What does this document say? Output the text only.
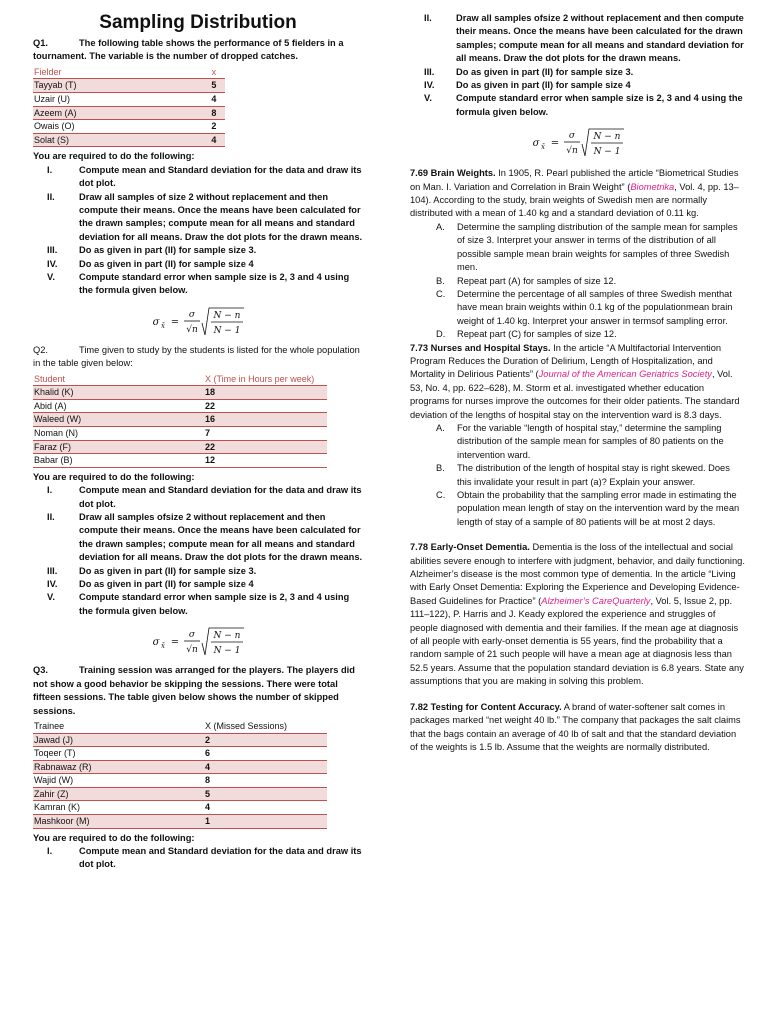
Sampling Distribution

Q1.	The following table shows the performance of 5 fielders in a tournament. The variable is the number of dropped catches.

Fielder	x
Tayyab (T)	5
Uzair (U)	4
Azeem (A)	8
Owais (O)	2
Solat (S)	4

You are required to do the following:

I.	Compute mean and Standard deviation for the data and draw its dot plot.
II.	Draw all samples of size 2 without replacement and then compute their means. Once the means have been calculated for the drawn samples; compute mean for all means and standard deviation for all means. Draw the dot plots for the drawn means.
III. Do as given in part (II) for sample size 3.
IV. Do as given in part (II) for sample size 4
V.	Compute standard error when sample size is 2, 3 and 4 using the formula given below.
σ x̄ =
σ
√n
N − n
N − 1

Q2.	Time given to study by the students is listed for the whole population in the table given below:

Student	X (Time in Hours per week)
Khalid (K)	18
Abid (A)	22
Waleed (W)	16
Noman (N)	7
Faraz (F)	22
Babar (B)	12

You are required to do the following:

I.	Compute mean and Standard deviation for the data and draw its dot plot.
II.	Draw all samples ofsize 2 without replacement and then compute their means. Once the means have been calculated for the drawn samples; compute mean for all means and standard deviation for all means. Draw the dot plots for the drawn means.
III. Do as given in part (II) for sample size 3.
IV. Do as given in part (II) for sample size 4
V.	Compute standard error when sample size is 2, 3 and 4 using the formula given below.
σ x̄ =
σ
√n
N − n
N − 1

Q3.	Training session was arranged for the players. The players did not show a good behavior be skipping the sessions. There were total fifteen sessions. The table given below shows the number of skipped sessions.

Trainee	X (Missed Sessions)
Jawad (J)	2
Toqeer (T)	6
Rabnawaz (R)	4
Wajid (W)	8
Zahir (Z)	5
Kamran (K)	4
Mashkoor (M)	1

You are required to do the following:

I.	Compute mean and Standard deviation for the data and draw its dot plot.
II.	Draw all samples ofsize 2 without replacement and then compute their means. Once the means have been calculated for the drawn samples; compute mean for all means and standard deviation for all means. Draw the dot plots for the drawn means.
III. Do as given in part (II) for sample size 3.
IV. Do as given in part (II) for sample size 4
V.	Compute standard error when sample size is 2, 3 and 4 using the formula given below.
σ x̄ =
σ
√n
N − n
N − 1

7.69 Brain Weights. In 1905, R. Pearl published the article “Biometrical Studies on Man. I. Variation and Correlation in Brain Weight” (Biometrika, Vol. 4, pp. 13–104). According to the study, brain weights of Swedish men are normally distributed with a mean of 1.40 kg and a standard deviation of 0.11 kg.

A. Determine the sampling distribution of the sample mean for samples of size 3. Interpret your answer in terms of the distribution of all possible sample mean brain weights for samples of three Swedish men.
B. Repeat part (A) for samples of size 12.
C. Determine the percentage of all samples of three Swedish menthat have mean brain weights within 0.1 kg of the populationmean brain weight of 1.40 kg. Interpret your answer in termsof sampling error.
D. Repeat part (C) for samples of size 12.

7.73 Nurses and Hospital Stays. In the article “A Multifactorial Intervention Program Reduces the Duration of Delirium, Length of Hospitalization, and Mortality in Delirious Patients” (Journal of the American Geriatrics Society, Vol. 53, No. 4, pp. 622–628), M. Storm et al. investigated whether education programs for nurses improve the outcomes for their older patients. The standard deviation of the lengths of hospital stay on the intervention ward is 8.3 days.

A. For the variable “length of hospital stay,” determine the sampling distribution of the sample mean for samples of 80 patients on the intervention ward.
B. The distribution of the length of hospital stay is right skewed. Does this invalidate your result in part (a)? Explain your answer.
C. Obtain the probability that the sampling error made in estimating the population mean length of stay on the intervention ward by the mean length of stay of a sample of 80 patients will be at most 2 days.

7.78 Early-Onset Dementia. Dementia is the loss of the intellectual and social abilities severe enough to interfere with judgment, behavior, and daily functioning. Alzheimer’s disease is the most common type of dementia. In the article “Living with Early Onset Dementia: Exploring the Experience and Developing Evidence-Based Guidelines for Practice” (Alzheimer’s CareQuarterly, Vol. 5, Issue 2, pp. 111–122), P. Harris and J. Keady explored the experience and struggles of people diagnosed with dementia and their families. If the mean age at diagnosis of all people with early-onset dementia is 55 years, find the probability that a random sample of 21 such people will have a mean age at diagnosis less than 52.5 years. Assume that the population standard deviation is 6.8 years. State any assumptions that you are making in solving this problem.

7.82 Testing for Content Accuracy. A brand of water-softener salt comes in packages marked “net weight 40 lb.” The company that packages the salt claims that the bags contain an average of 40 lb of salt and that the standard deviation of the weights is 1.5 lb. Assume that the weights are normally distributed.
